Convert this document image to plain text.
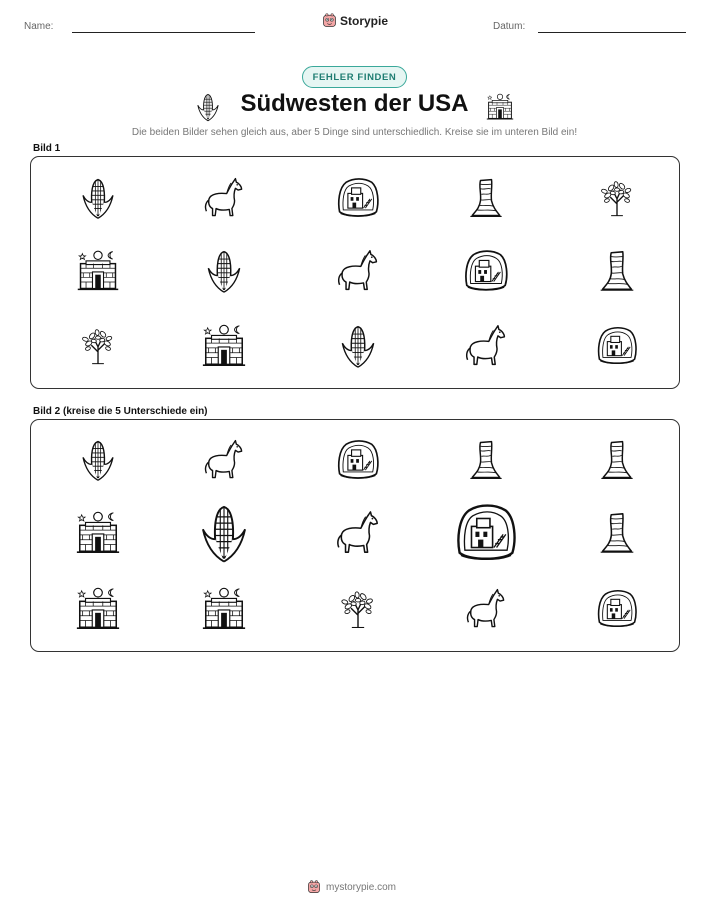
Name:	Storypie	Datum:
FEHLER FINDEN
Südwesten der USA
Die beiden Bilder sehen gleich aus, aber 5 Dinge sind unterschiedlich. Kreise sie im unteren Bild ein!
Bild 1
Bild 2 (kreise die 5 Unterschiede ein)
mystorypie.com
